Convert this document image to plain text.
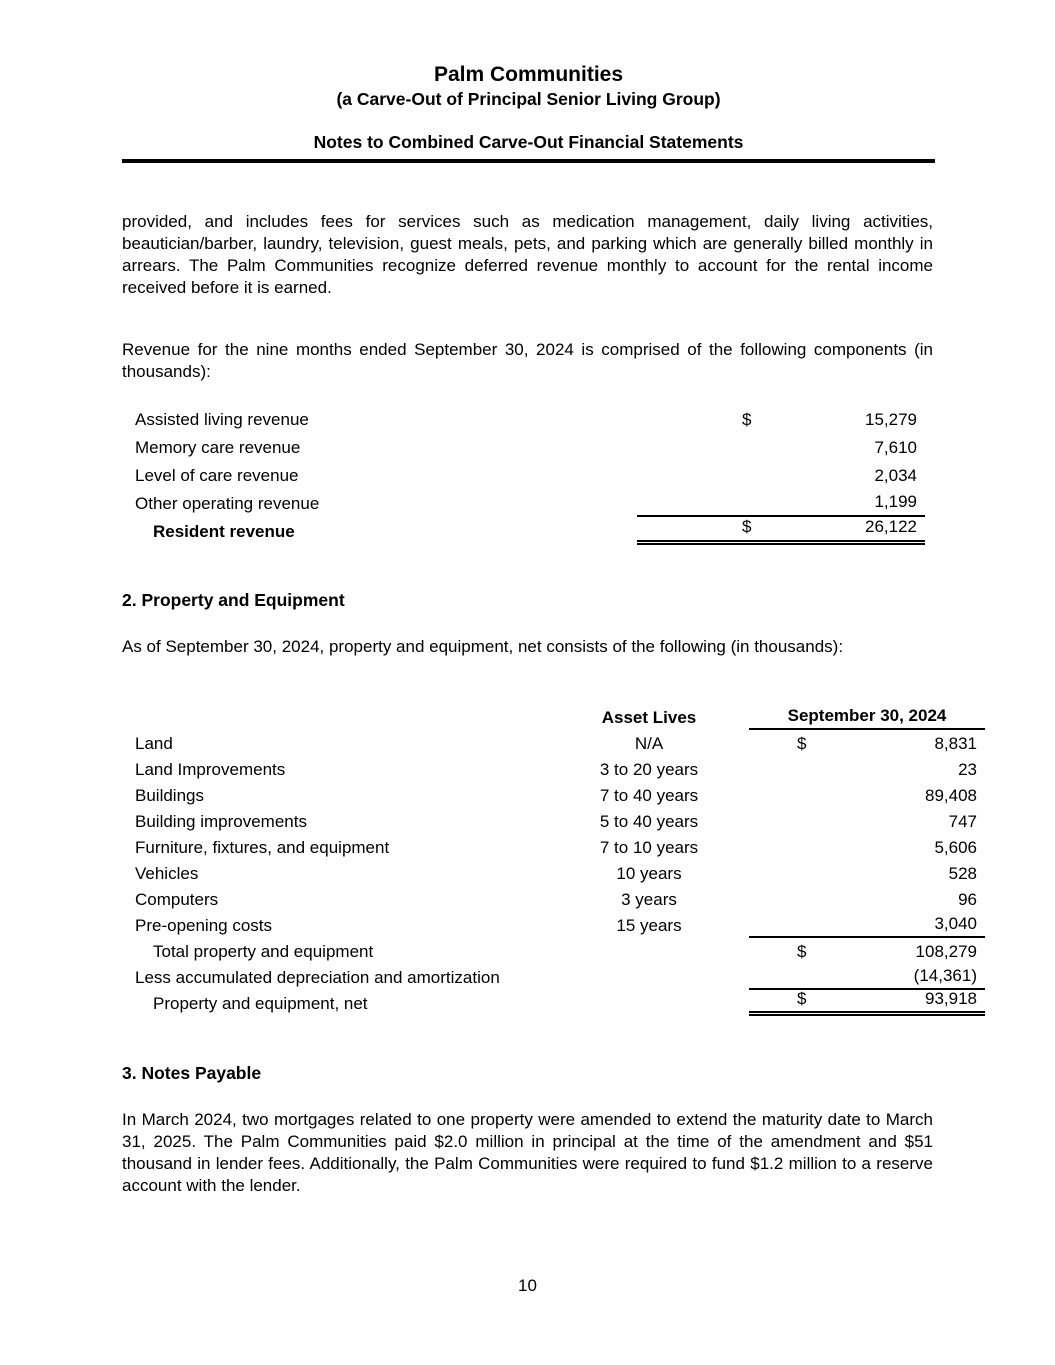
Palm Communities
(a Carve-Out of Principal Senior Living Group)
Notes to Combined Carve-Out Financial Statements
provided, and includes fees for services such as medication management, daily living activities, beautician/barber, laundry, television, guest meals, pets, and parking which are generally billed monthly in arrears. The Palm Communities recognize deferred revenue monthly to account for the rental income received before it is earned.
Revenue for the nine months ended September 30, 2024 is comprised of the following components (in thousands):
Assisted living revenue	$	15,279
Memory care revenue	7,610
Level of care revenue	2,034
Other operating revenue	1,199
Resident revenue	$	26,122
2. Property and Equipment
As of September 30, 2024, property and equipment, net consists of the following (in thousands):
Asset Lives	September 30, 2024
Land	N/A	$	8,831
Land Improvements	3 to 20 years	23
Buildings	7 to 40 years	89,408
Building improvements	5 to 40 years	747
Furniture, fixtures, and equipment	7 to 10 years	5,606
Vehicles	10 years	528
Computers	3 years	96
Pre-opening costs	15 years	3,040
Total property and equipment	$	108,279
Less accumulated depreciation and amortization	(14,361)
Property and equipment, net	$	93,918
3. Notes Payable
In March 2024, two mortgages related to one property were amended to extend the maturity date to March 31, 2025. The Palm Communities paid $2.0 million in principal at the time of the amendment and $51 thousand in lender fees. Additionally, the Palm Communities were required to fund $1.2 million to a reserve account with the lender.
10
